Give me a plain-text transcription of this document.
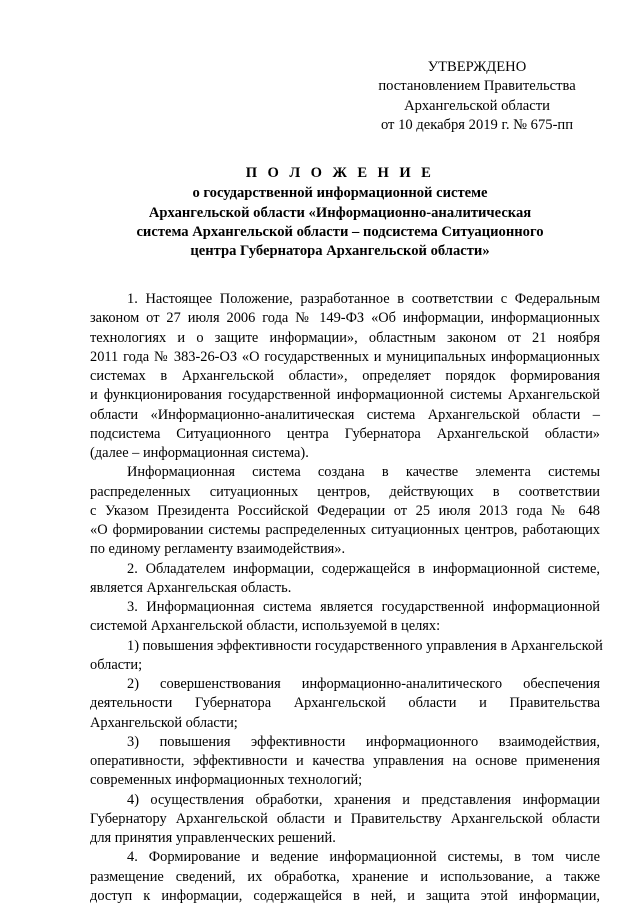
УТВЕРЖДЕНО
постановлением Правительства
Архангельской области
от 10 декабря 2019 г. № 675-пп
П О Л О Ж Е Н И Е
о государственной информационной системе
Архангельской области «Информационно-аналитическая
система Архангельской области – подсистема Ситуационного
центра Губернатора Архангельской области»
1. Настоящее Положение, разработанное в соответствии с Федеральным
законом от 27 июля 2006 года № 149-ФЗ «Об информации, информационных
технологиях и о защите информации», областным законом от 21 ноября
2011 года № 383-26-ОЗ «О государственных и муниципальных информационных
системах в Архангельской области», определяет порядок формирования
и функционирования государственной информационной системы Архангельской
области «Информационно-аналитическая система Архангельской области –
подсистема Ситуационного центра Губернатора Архангельской области»
(далее – информационная система).
Информационная система создана в качестве элемента системы
распределенных ситуационных центров, действующих в соответствии
с Указом Президента Российской Федерации от 25 июля 2013 года № 648
«О формировании системы распределенных ситуационных центров, работающих
по единому регламенту взаимодействия».
2. Обладателем информации, содержащейся в информационной системе,
является Архангельская область.
3. Информационная система является государственной информационной
системой Архангельской области, используемой в целях:
1) повышения эффективности государственного управления в Архангельской
области;
2) совершенствования информационно-аналитического обеспечения
деятельности Губернатора Архангельской области и Правительства
Архангельской области;
3) повышения эффективности информационного взаимодействия,
оперативности, эффективности и качества управления на основе применения
современных информационных технологий;
4) осуществления обработки, хранения и представления информации
Губернатору Архангельской области и Правительству Архангельской области
для принятия управленческих решений.
4. Формирование и ведение информационной системы, в том числе
размещение сведений, их обработка, хранение и использование, а также
доступ к информации, содержащейся в ней, и защита этой информации,
